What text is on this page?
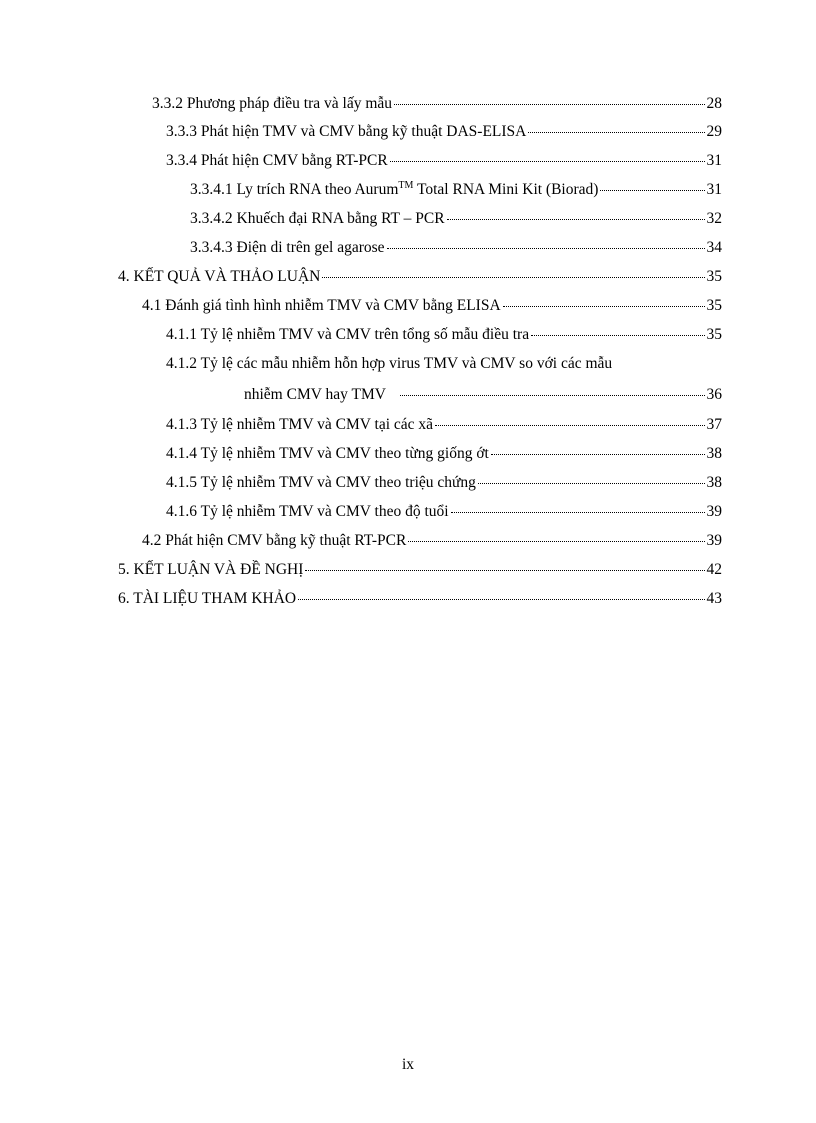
3.3.2 Phương pháp điều tra và lấy mẫu	28
3.3.3 Phát hiện TMV và CMV bằng kỹ thuật DAS-ELISA	29
3.3.4 Phát hiện CMV bằng RT-PCR	31
3.3.4.1 Ly trích RNA theo Aurum™ Total RNA Mini Kit (Biorad)	31
3.3.4.2 Khuếch đại RNA bằng RT – PCR	32
3.3.4.3 Điện di trên gel agarose	34
4. KẾT QUẢ VÀ THẢO LUẬN	35
4.1 Đánh giá tình hình nhiễm TMV và CMV bằng ELISA	35
4.1.1 Tỷ lệ nhiễm TMV và CMV trên tổng số mẫu điều tra	35
4.1.2 Tỷ lệ các mẫu nhiễm hỗn hợp virus TMV và CMV so với các mẫu
nhiễm CMV hay TMV	36
4.1.3 Tỷ lệ nhiễm TMV và CMV tại các xã	37
4.1.4 Tỷ lệ nhiễm TMV và CMV theo từng giống ớt	38
4.1.5 Tỷ lệ nhiễm TMV và CMV theo triệu chứng	38
4.1.6 Tỷ lệ nhiễm TMV và CMV theo độ tuổi	39
4.2 Phát hiện CMV bằng kỹ thuật RT-PCR	39
5. KẾT LUẬN VÀ ĐỀ NGHỊ	42
6. TÀI LIỆU THAM KHẢO	43
ix
